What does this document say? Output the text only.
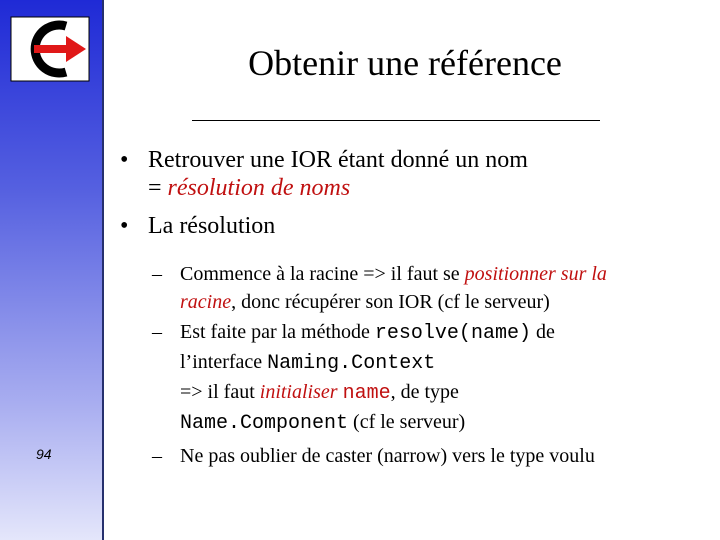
94
Obtenir une référence
• Retrouver une IOR étant donné un nom
= résolution de noms
• La résolution
– Commence à la racine => il faut se positionner sur la
racine, donc récupérer son IOR (cf le serveur)
– Est faite par la méthode resolve(name) de
l’interface Naming.Context
=> il faut initialiser name, de type
Name.Component (cf le serveur)
– Ne pas oublier de caster (narrow) vers le type voulu
